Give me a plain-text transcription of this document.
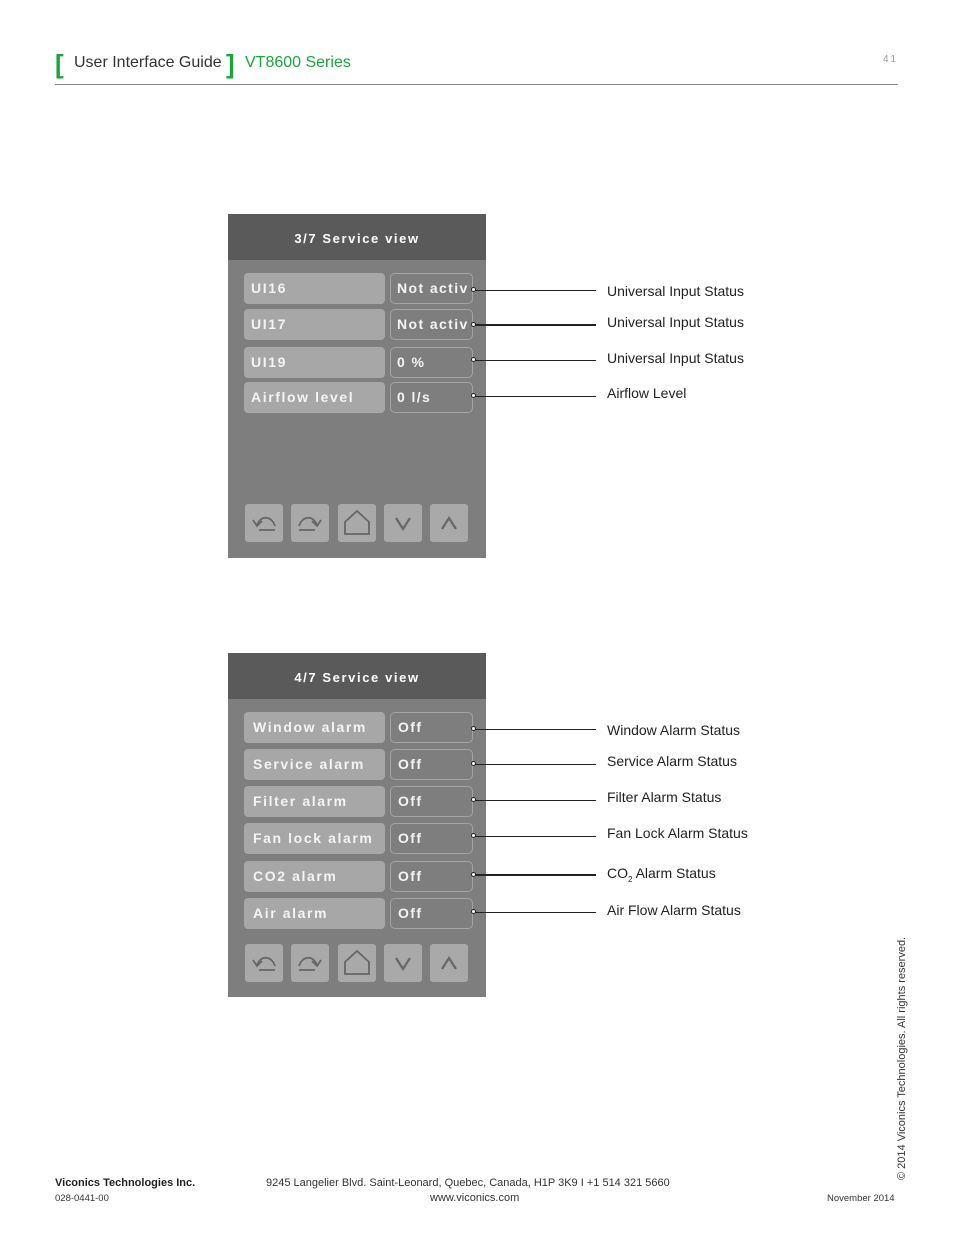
[ User Interface Guide ] VT8600 Series	41
3/7 Service view
UI16	Not activ
UI17	Not activ
UI19	0 %
Airflow level	0 l/s
Universal Input Status
Universal Input Status
Universal Input Status
Airflow Level
4/7 Service view
Window alarm	Off
Service alarm	Off
Filter alarm	Off
Fan lock alarm	Off
CO2 alarm	Off
Air alarm	Off
Window Alarm Status
Service Alarm Status
Filter Alarm Status
Fan Lock Alarm Status
$CO_2$ Alarm Status
Air Flow Alarm Status
© 2014 Viconics Technologies. All rights reserved.
Viconics Technologies Inc.
028-0441-00
9245 Langelier Blvd. Saint-Leonard, Quebec, Canada, H1P 3K9 I +1 514 321 5660
www.viconics.com	November 2014
